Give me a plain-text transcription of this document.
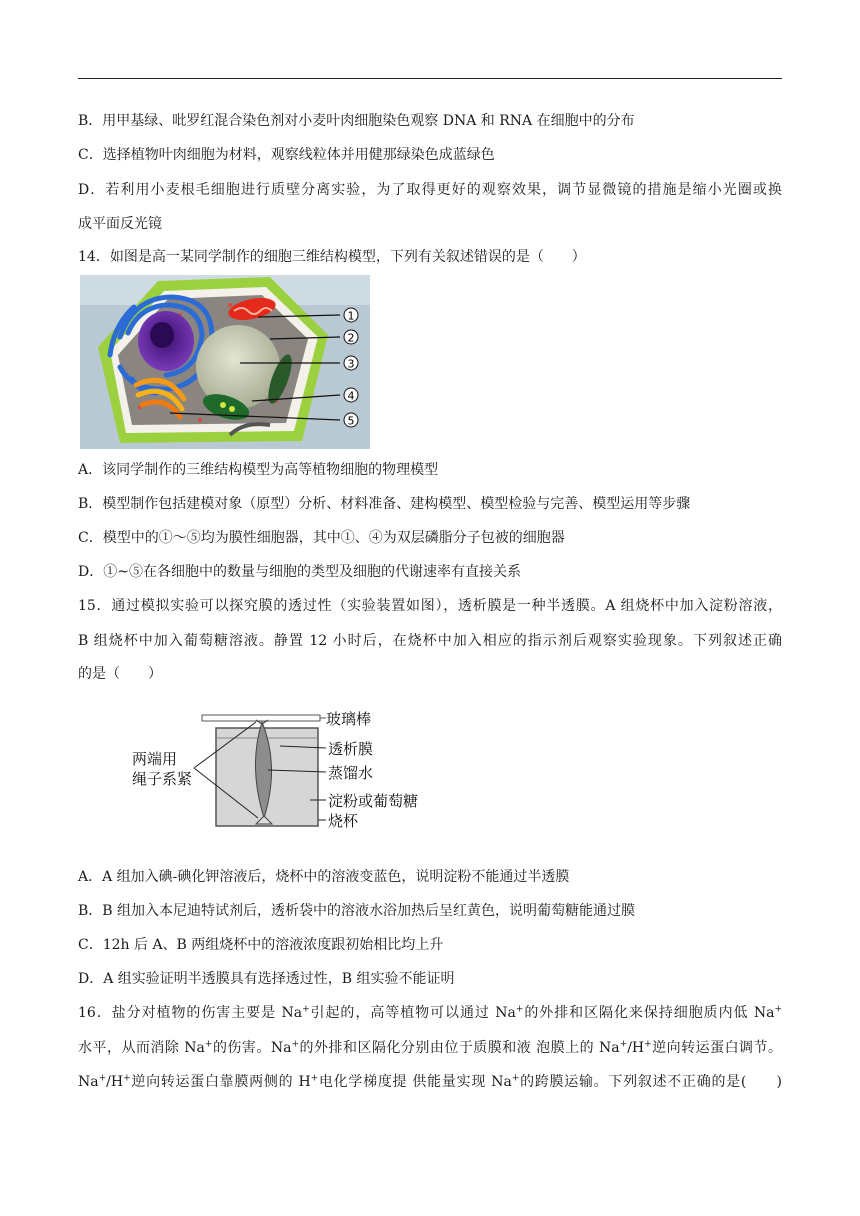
B．用甲基绿、吡罗红混合染色剂对小麦叶肉细胞染色观察 DNA 和 RNA 在细胞中的分布
C．选择植物叶肉细胞为材料，观察线粒体并用健那绿染色成蓝绿色
D．若利用小麦根毛细胞进行质壁分离实验，为了取得更好的观察效果，调节显微镜的措施是缩小光圈或换
成平面反光镜
14．如图是高一某同学制作的细胞三维结构模型，下列有关叙述错误的是（　　）
1
2
3
4
5
A．该同学制作的三维结构模型为高等植物细胞的物理模型
B．模型制作包括建模对象（原型）分析、材料准备、建构模型、模型检验与完善、模型运用等步骤
C．模型中的①～⑤均为膜性细胞器，其中①、④为双层磷脂分子包被的细胞器
D．①~⑤在各细胞中的数量与细胞的类型及细胞的代谢速率有直接关系
15．通过模拟实验可以探究膜的透过性（实验装置如图），透析膜是一种半透膜。A 组烧杯中加入淀粉溶液，
B 组烧杯中加入葡萄糖溶液。静置 12 小时后，在烧杯中加入相应的指示剂后观察实验现象。下列叙述正确
的是（　　）
玻璃棒
透析膜
蒸馏水
淀粉或葡萄糖
烧杯
两端用
绳子系紧
A．A 组加入碘-碘化钾溶液后，烧杯中的溶液变蓝色，说明淀粉不能通过半透膜
B．B 组加入本尼迪特试剂后，透析袋中的溶液水浴加热后呈红黄色，说明葡萄糖能通过膜
C．12h 后 A、B 两组烧杯中的溶液浓度跟初始相比均上升
D．A 组实验证明半透膜具有选择透过性，B 组实验不能证明
16．盐分对植物的伤害主要是 Na+引起的，高等植物可以通过 Na+的外排和区隔化来保持细胞质内低 Na+
水平，从而消除 Na+的伤害。Na+的外排和区隔化分别由位于质膜和液 泡膜上的 Na+/H+逆向转运蛋白调节。
Na+/H+逆向转运蛋白靠膜两侧的 H+电化学梯度提 供能量实现 Na+的跨膜运输。下列叙述不正确的是(　　)
